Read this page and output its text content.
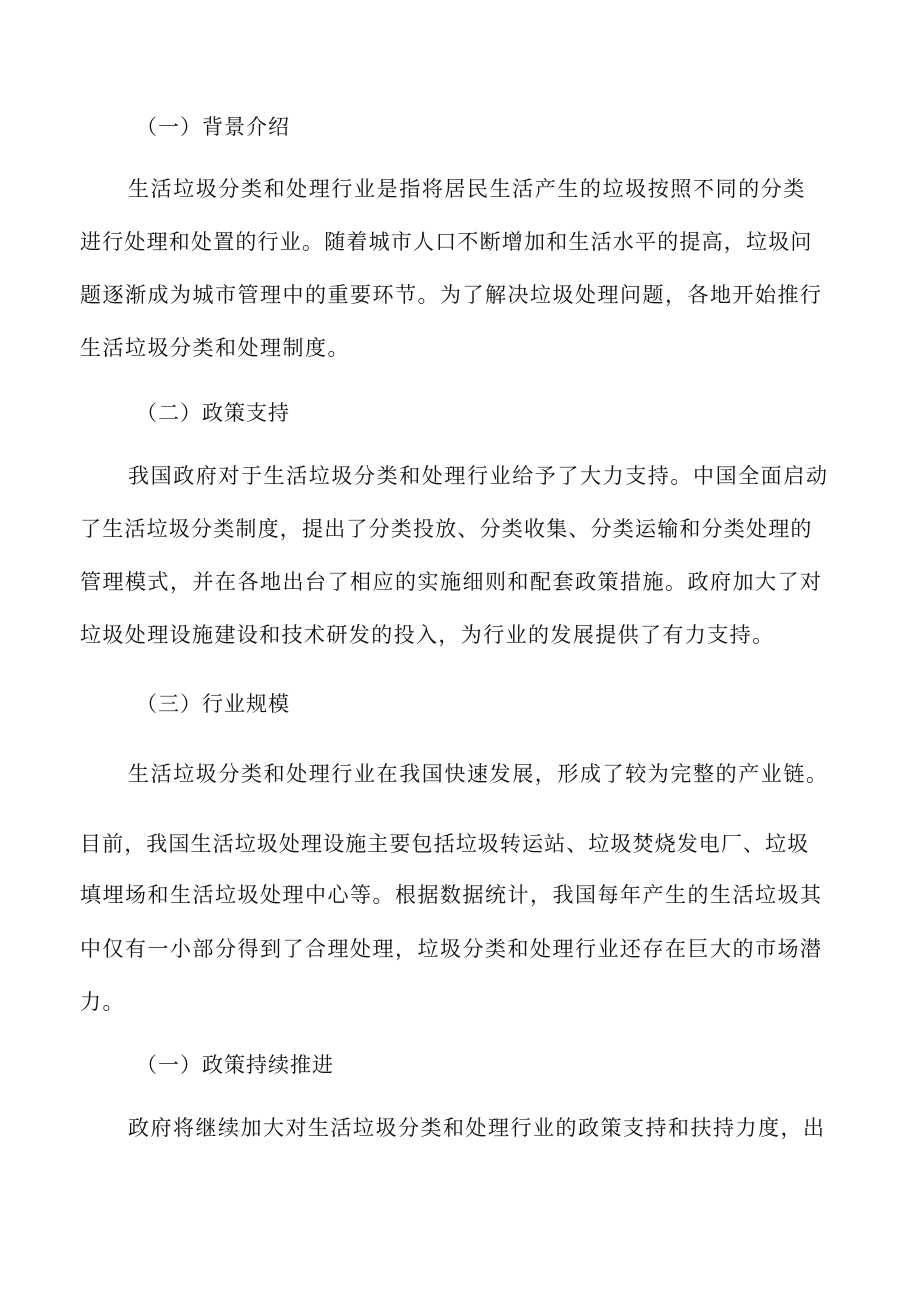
（一）背景介绍
生活垃圾分类和处理行业是指将居民生活产生的垃圾按照不同的分类
进行处理和处置的行业。随着城市人口不断增加和生活水平的提高，垃圾问
题逐渐成为城市管理中的重要环节。为了解决垃圾处理问题，各地开始推行
生活垃圾分类和处理制度。
（二）政策支持
我国政府对于生活垃圾分类和处理行业给予了大力支持。中国全面启动
了生活垃圾分类制度，提出了分类投放、分类收集、分类运输和分类处理的
管理模式，并在各地出台了相应的实施细则和配套政策措施。政府加大了对
垃圾处理设施建设和技术研发的投入，为行业的发展提供了有力支持。
（三）行业规模
生活垃圾分类和处理行业在我国快速发展，形成了较为完整的产业链。
目前，我国生活垃圾处理设施主要包括垃圾转运站、垃圾焚烧发电厂、垃圾
填埋场和生活垃圾处理中心等。根据数据统计，我国每年产生的生活垃圾其
中仅有一小部分得到了合理处理，垃圾分类和处理行业还存在巨大的市场潜
力。
（一）政策持续推进
政府将继续加大对生活垃圾分类和处理行业的政策支持和扶持力度，出
